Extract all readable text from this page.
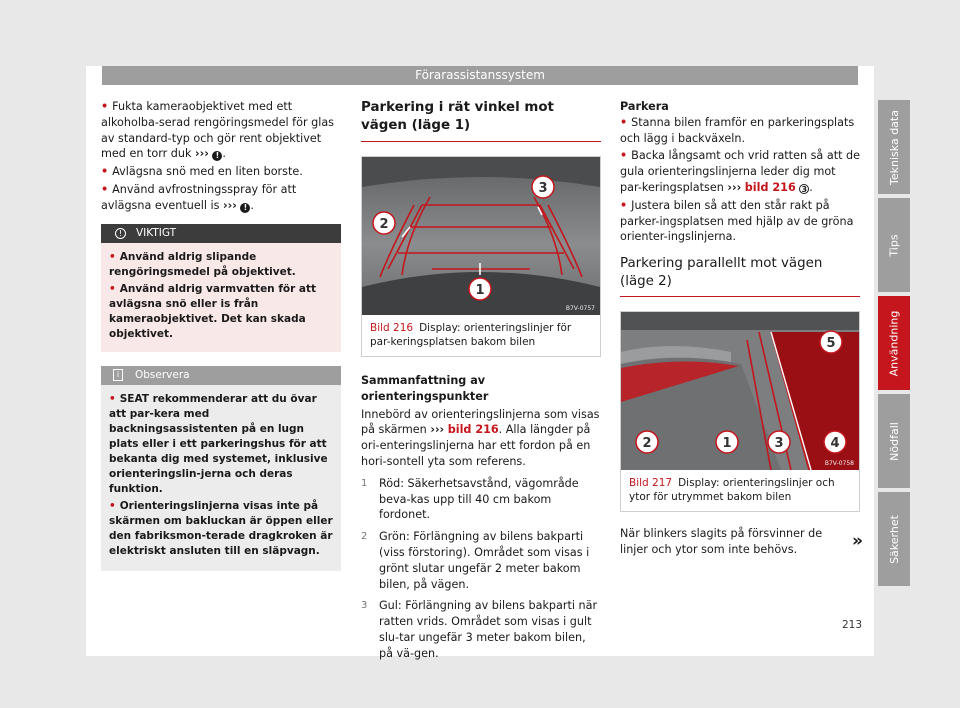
Förarassistanssystem

• Fukta kameraobjektivet med ett alkoholba-serad rengöringsmedel för glas av standard-typ och gör rent objektivet med en torr duk ››› ! .

• Avlägsna snö med en liten borste.

• Använd avfrostningsspray för att avlägsna eventuell is ››› ! .

!	VIKTIGT

• Använd aldrig slipande rengöringsmedel på objektivet.

• Använd aldrig varmvatten för att avlägsna snö eller is från kameraobjektivet. Det kan skada objektivet.

i	Observera

• SEAT rekommenderar att du övar att par-kera med backningsassistenten på en lugn plats eller i ett parkeringshus för att bekanta dig med systemet, inklusive orienteringslin-jerna och deras funktion.

• Orienteringslinjerna visas inte på skärmen om bakluckan är öppen eller den fabriksmon-terade dragkroken är elektriskt ansluten till en släpvagn.

Parkering i rät vinkel mot vägen (läge 1)
1
2
3
B7V-0757
Bild 216 Display: orienteringslinjer för par-keringsplatsen bakom bilen
Sammanfattning av orienteringspunkter

Innebörd av orienteringslinjerna som visas på skärmen ››› bild 216. Alla längder på ori-enteringslinjerna har ett fordon på en hori-sontell yta som referens.

1	Röd: Säkerhetsavstånd, vägområde beva-kas upp till 40 cm bakom fordonet.
2	Grön: Förlängning av bilens bakparti (viss förstoring). Området som visas i grönt slutar ungefär 2 meter bakom bilen, på vägen.
3	Gul: Förlängning av bilens bakparti när ratten vrids. Området som visas i gult slu-tar ungefär 3 meter bakom bilen, på vä-gen.
Parkera

• Stanna bilen framför en parkeringsplats och lägg i backväxeln.

• Backa långsamt och vrid ratten så att de gula orienteringslinjerna leder dig mot par-keringsplatsen ››› bild 216 3 .

• Justera bilen så att den står rakt på parker-ingsplatsen med hjälp av de gröna orienter-ingslinjerna.

Parkering parallellt mot vägen (läge 2)
5
2	1	3	4
B7V-0758
Bild 217 Display: orienteringslinjer och ytor för utrymmet bakom bilen

När blinkers slagits på försvinner de linjer och ytor som inte behövs.	»
Tekniska data
Tips
Användning
Nödfall
Säkerhet
213
